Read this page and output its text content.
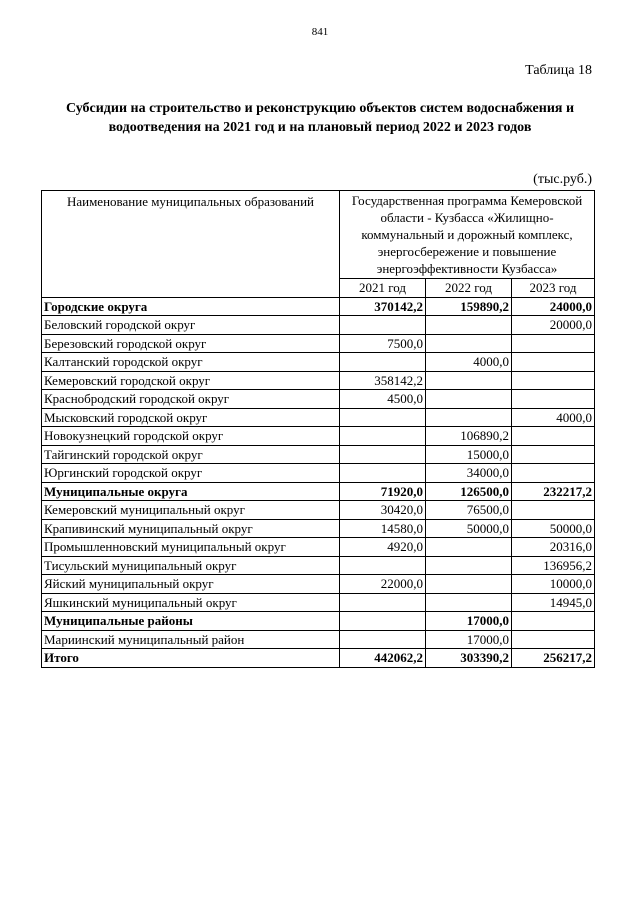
841
Таблица 18
Субсидии на строительство и реконструкцию объектов систем водоснабжения и водоотведения на 2021 год и на плановый период 2022 и 2023 годов
(тыс.руб.)
Наименование муниципальных образований	Государственная программа Кемеровской области - Кузбасса «Жилищно-коммунальный и дорожный комплекс, энергосбережение и повышение энергоэффективности Кузбасса»		
	2021 год	2022 год	2023 год
Городские округа	370142,2	159890,2	24000,0
Беловский городской округ			20000,0
Березовский городской округ	7500,0		
Калтанский городской округ		4000,0	
Кемеровский городской округ	358142,2		
Краснобродский городской округ	4500,0		
Мысковский городской округ			4000,0
Новокузнецкий городской округ		106890,2	
Тайгинский городской округ		15000,0	
Юргинский городской округ		34000,0	
Муниципальные округа	71920,0	126500,0	232217,2
Кемеровский муниципальный округ	30420,0	76500,0	
Крапивинский муниципальный округ	14580,0	50000,0	50000,0
Промышленновский муниципальный округ	4920,0		20316,0
Тисульский муниципальный округ			136956,2
Яйский муниципальный округ	22000,0		10000,0
Яшкинский муниципальный округ			14945,0
Муниципальные районы		17000,0	
Мариинский муниципальный район		17000,0	
Итого	442062,2	303390,2	256217,2
